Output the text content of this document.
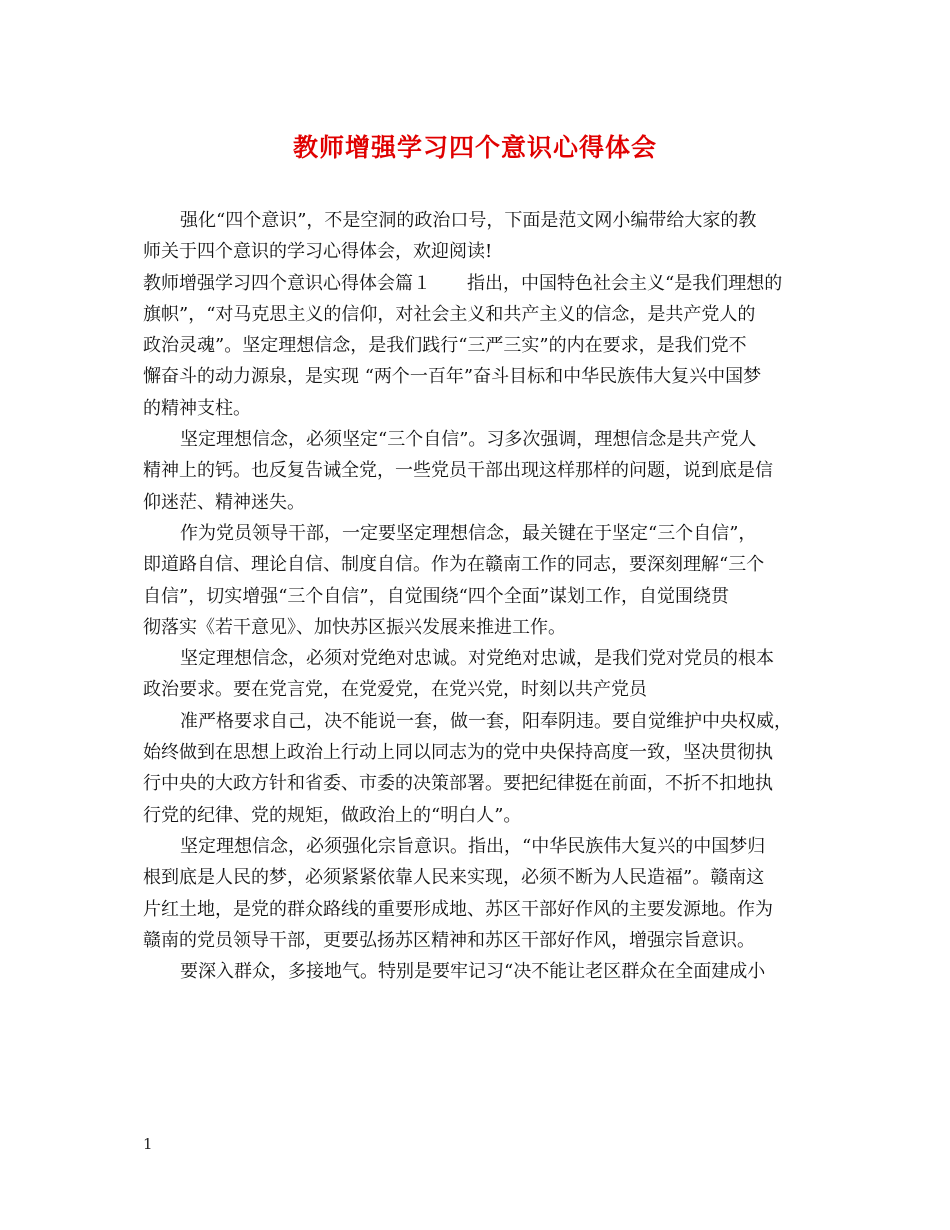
教师增强学习四个意识心得体会
强化“四个意识”，不是空洞的政治口号，下面是范文网小编带给大家的教
师关于四个意识的学习心得体会，欢迎阅读!
教师增强学习四个意识心得体会篇１　　指出，中国特色社会主义“是我们理想的
旗帜”，“对马克思主义的信仰，对社会主义和共产主义的信念，是共产党人的
政治灵魂”。坚定理想信念，是我们践行“三严三实”的内在要求，是我们党不
懈奋斗的动力源泉，是实现 “两个一百年”奋斗目标和中华民族伟大复兴中国梦
的精神支柱。
坚定理想信念，必须坚定“三个自信”。习多次强调，理想信念是共产党人
精神上的钙。也反复告诫全党，一些党员干部出现这样那样的问题，说到底是信
仰迷茫、精神迷失。
作为党员领导干部，一定要坚定理想信念，最关键在于坚定“三个自信”，
即道路自信、理论自信、制度自信。作为在赣南工作的同志，要深刻理解“三个
自信”，切实增强“三个自信”，自觉围绕“四个全面”谋划工作，自觉围绕贯
彻落实《若干意见》、加快苏区振兴发展来推进工作。
坚定理想信念，必须对党绝对忠诚。对党绝对忠诚，是我们党对党员的根本
政治要求。要在党言党，在党爱党，在党兴党，时刻以共产党员
准严格要求自己，决不能说一套，做一套，阳奉阴违。要自觉维护中央权威，
始终做到在思想上政治上行动上同以同志为的党中央保持高度一致，坚决贯彻执
行中央的大政方针和省委、市委的决策部署。要把纪律挺在前面，不折不扣地执
行党的纪律、党的规矩，做政治上的“明白人”。
坚定理想信念，必须强化宗旨意识。指出，“中华民族伟大复兴的中国梦归
根到底是人民的梦，必须紧紧依靠人民来实现，必须不断为人民造福”。赣南这
片红土地，是党的群众路线的重要形成地、苏区干部好作风的主要发源地。作为
赣南的党员领导干部，更要弘扬苏区精神和苏区干部好作风，增强宗旨意识。
要深入群众，多接地气。特别是要牢记习“决不能让老区群众在全面建成小
1
